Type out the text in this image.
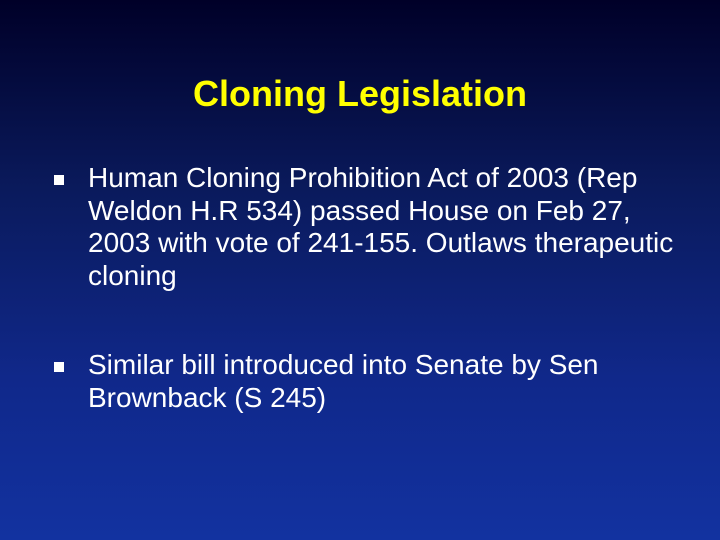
Cloning Legislation
Human Cloning Prohibition Act of 2003 (Rep Weldon H.R 534) passed House on Feb 27, 2003 with vote of 241-155. Outlaws therapeutic cloning
Similar bill introduced into Senate by Sen Brownback (S 245)
